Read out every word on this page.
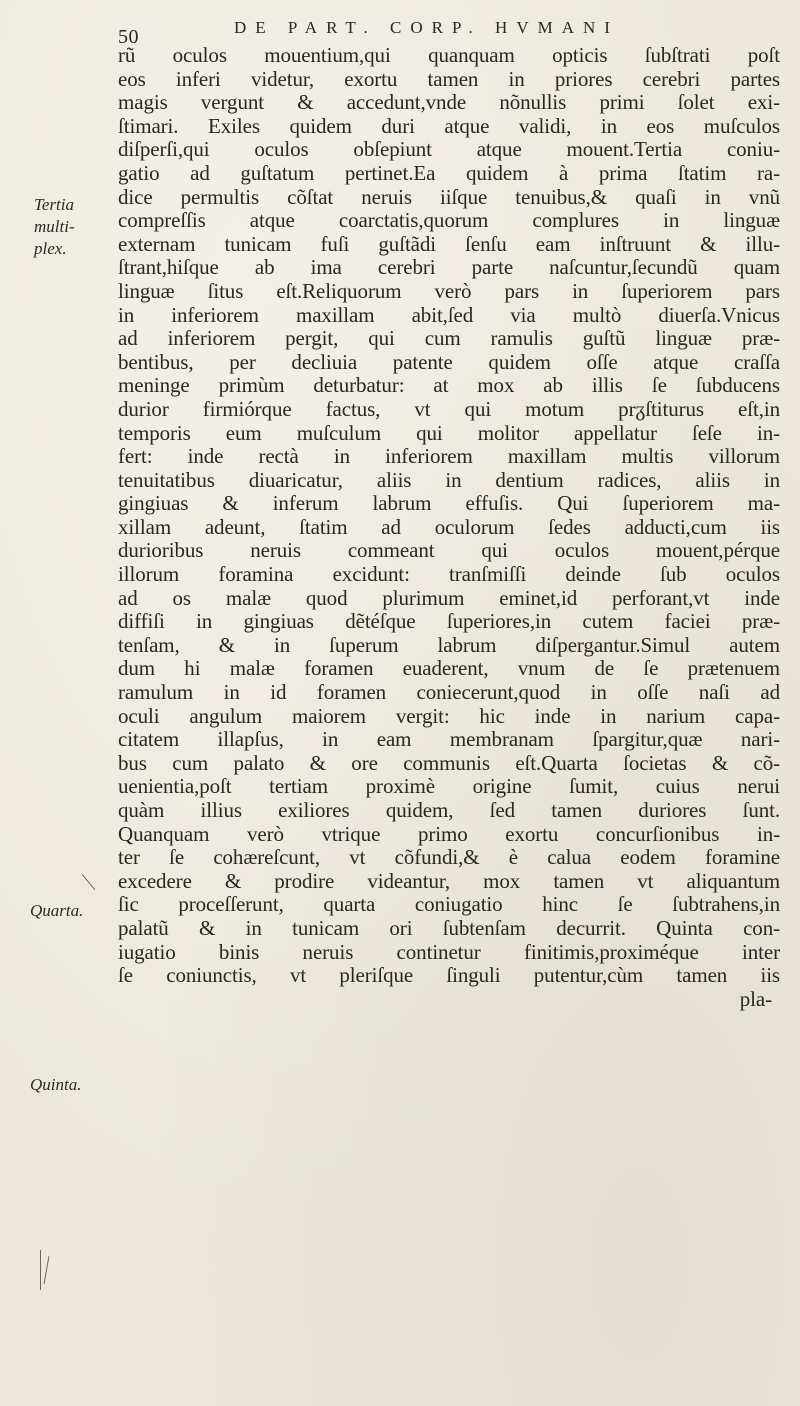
50	DE PART. CORP. HVMANI
Tertia
multi-
plex.
Quarta.
Quinta.
rũ oculos mouentium,qui quanquam opticis ſubſtrati poſt
eos inferi videtur, exortu tamen in priores cerebri partes
magis vergunt & accedunt,vnde nõnullis primi ſolet exi-
ſtimari. Exiles quidem duri atque validi, in eos muſculos
diſperſi,qui oculos obſepiunt atque mouent.Tertia coniu-
gatio ad guſtatum pertinet.Ea quidem à prima ſtatim ra-
dice permultis cõſtat neruis iiſque tenuibus,& quaſi in vnũ
compreſſis atque coarctatis,quorum complures in linguæ
externam tunicam fuſi guſtãdi ſenſu eam inſtruunt & illu-
ſtrant,hiſque ab ima cerebri parte naſcuntur,ſecundũ quam
linguæ ſitus eſt.Reliquorum verò pars in ſuperiorem pars
in inferiorem maxillam abit,ſed via multò diuerſa.Vnicus
ad inferiorem pergit, qui cum ramulis guſtũ linguæ præ-
bentibus, per decliuia patente quidem oſſe atque craſſa
meninge primùm deturbatur: at mox ab illis ſe ſubducens
durior firmiórque factus, vt qui motum prᵹſtiturus eſt,in
temporis eum muſculum qui molitor appellatur ſeſe in-
fert: inde rectà in inferiorem maxillam multis villorum
tenuitatibus diuaricatur, aliis in dentium radices, aliis in
gingiuas & inferum labrum effuſis. Qui ſuperiorem ma-
xillam adeunt, ſtatim ad oculorum ſedes adducti,cum iis
durioribus neruis commeant qui oculos mouent,pérque
illorum foramina excidunt: tranſmiſſi deinde ſub oculos
ad os malæ quod plurimum eminet,id perforant,vt inde
diffiſi in gingiuas dẽtéſque ſuperiores,in cutem faciei præ-
tenſam, & in ſuperum labrum diſpergantur.Simul autem
dum hi malæ foramen euaderent, vnum de ſe prætenuem
ramulum in id foramen coniecerunt,quod in oſſe naſi ad
oculi angulum maiorem vergit: hic inde in narium capa-
citatem illapſus, in eam membranam ſpargitur,quæ nari-
bus cum palato & ore communis eſt.Quarta ſocietas & cõ-
uenientia,poſt tertiam proximè origine ſumit, cuius nerui
quàm illius exiliores quidem, ſed tamen duriores ſunt.
Quanquam verò vtrique primo exortu concurſionibus in-
ter ſe cohæreſcunt, vt cõfundi,& è calua eodem foramine
excedere & prodire videantur, mox tamen vt aliquantum
ſic proceſſerunt, quarta coniugatio hinc ſe ſubtrahens,in
palatũ & in tunicam ori ſubtenſam decurrit. Quinta con-
iugatio binis neruis continetur finitimis,proximéque inter
ſe coniunctis, vt pleriſque ſinguli putentur,cùm tamen iis
pla-
